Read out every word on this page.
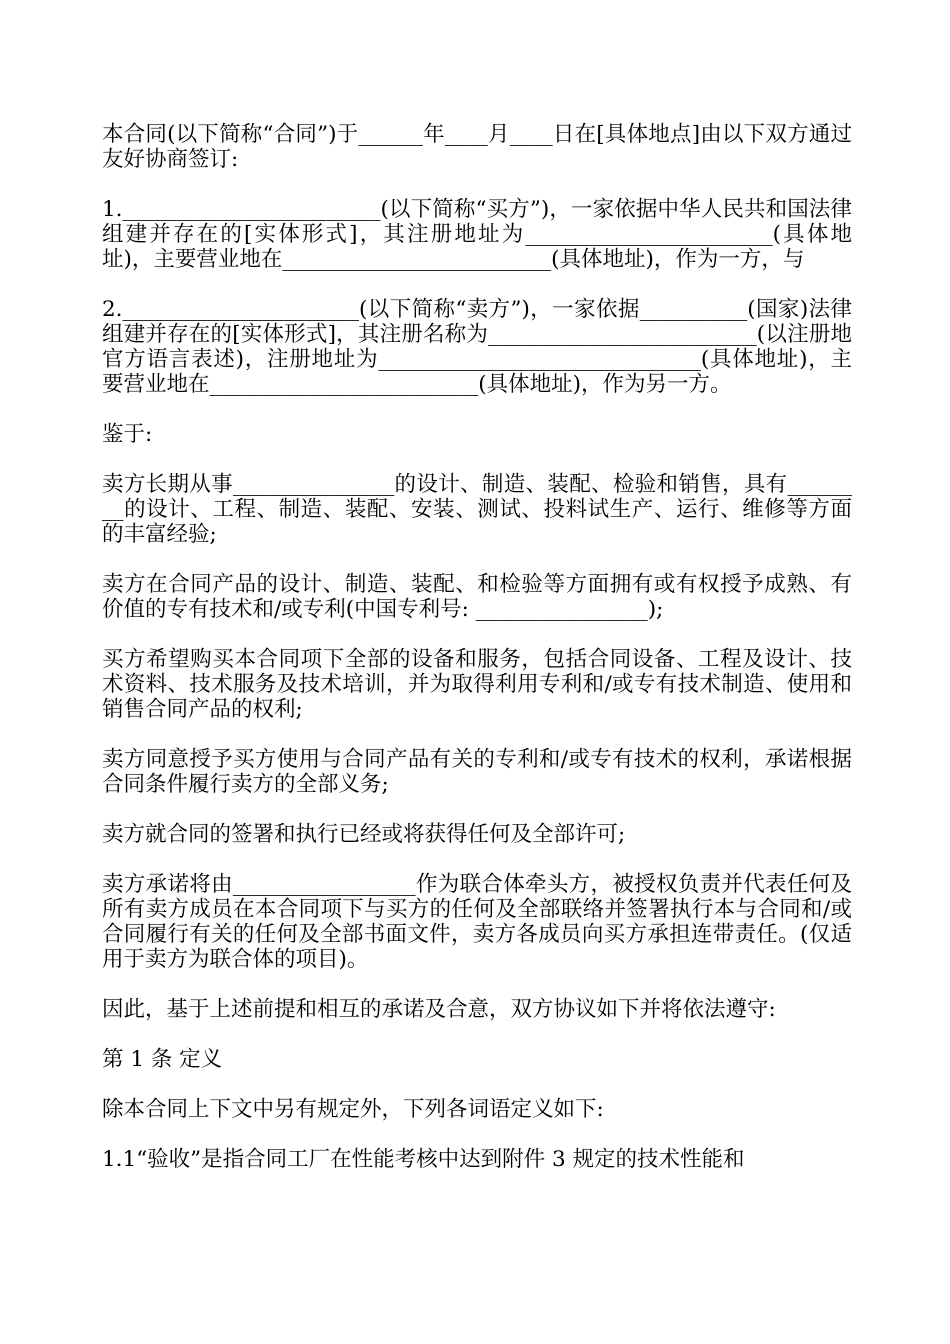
本合同(以下简称“合同”)于______年____月____日在[具体地点]由以下双方通过友好协商签订:

1.________________________(以下简称“买方”)，一家依据中华人民共和国法律组建并存在的[实体形式]，其注册地址为_______________________(具体地址)，主要营业地在_________________________(具体地址)，作为一方，与

2.______________________(以下简称“卖方”)，一家依据__________(国家)法律组建并存在的[实体形式]，其注册名称为_________________________(以注册地官方语言表述)，注册地址为______________________________(具体地址)，主要营业地在_________________________(具体地址)，作为另一方。

鉴于:

卖方长期从事_______________的设计、制造、装配、检验和销售，具有________的设计、工程、制造、装配、安装、测试、投料试生产、运行、维修等方面的丰富经验;

卖方在合同产品的设计、制造、装配、和检验等方面拥有或有权授予成熟、有价值的专有技术和/或专利(中国专利号: ________________);

买方希望购买本合同项下全部的设备和服务，包括合同设备、工程及设计、技术资料、技术服务及技术培训，并为取得利用专利和/或专有技术制造、使用和销售合同产品的权利;

卖方同意授予买方使用与合同产品有关的专利和/或专有技术的权利，承诺根据合同条件履行卖方的全部义务;

卖方就合同的签署和执行已经或将获得任何及全部许可;

卖方承诺将由_________________作为联合体牵头方，被授权负责并代表任何及所有卖方成员在本合同项下与买方的任何及全部联络并签署执行本与合同和/或合同履行有关的任何及全部书面文件，卖方各成员向买方承担连带责任。(仅适用于卖方为联合体的项目)。

因此，基于上述前提和相互的承诺及合意，双方协议如下并将依法遵守:

第 1 条 定义

除本合同上下文中另有规定外，下列各词语定义如下:

1.1“验收”是指合同工厂在性能考核中达到附件 3 规定的技术性能和
